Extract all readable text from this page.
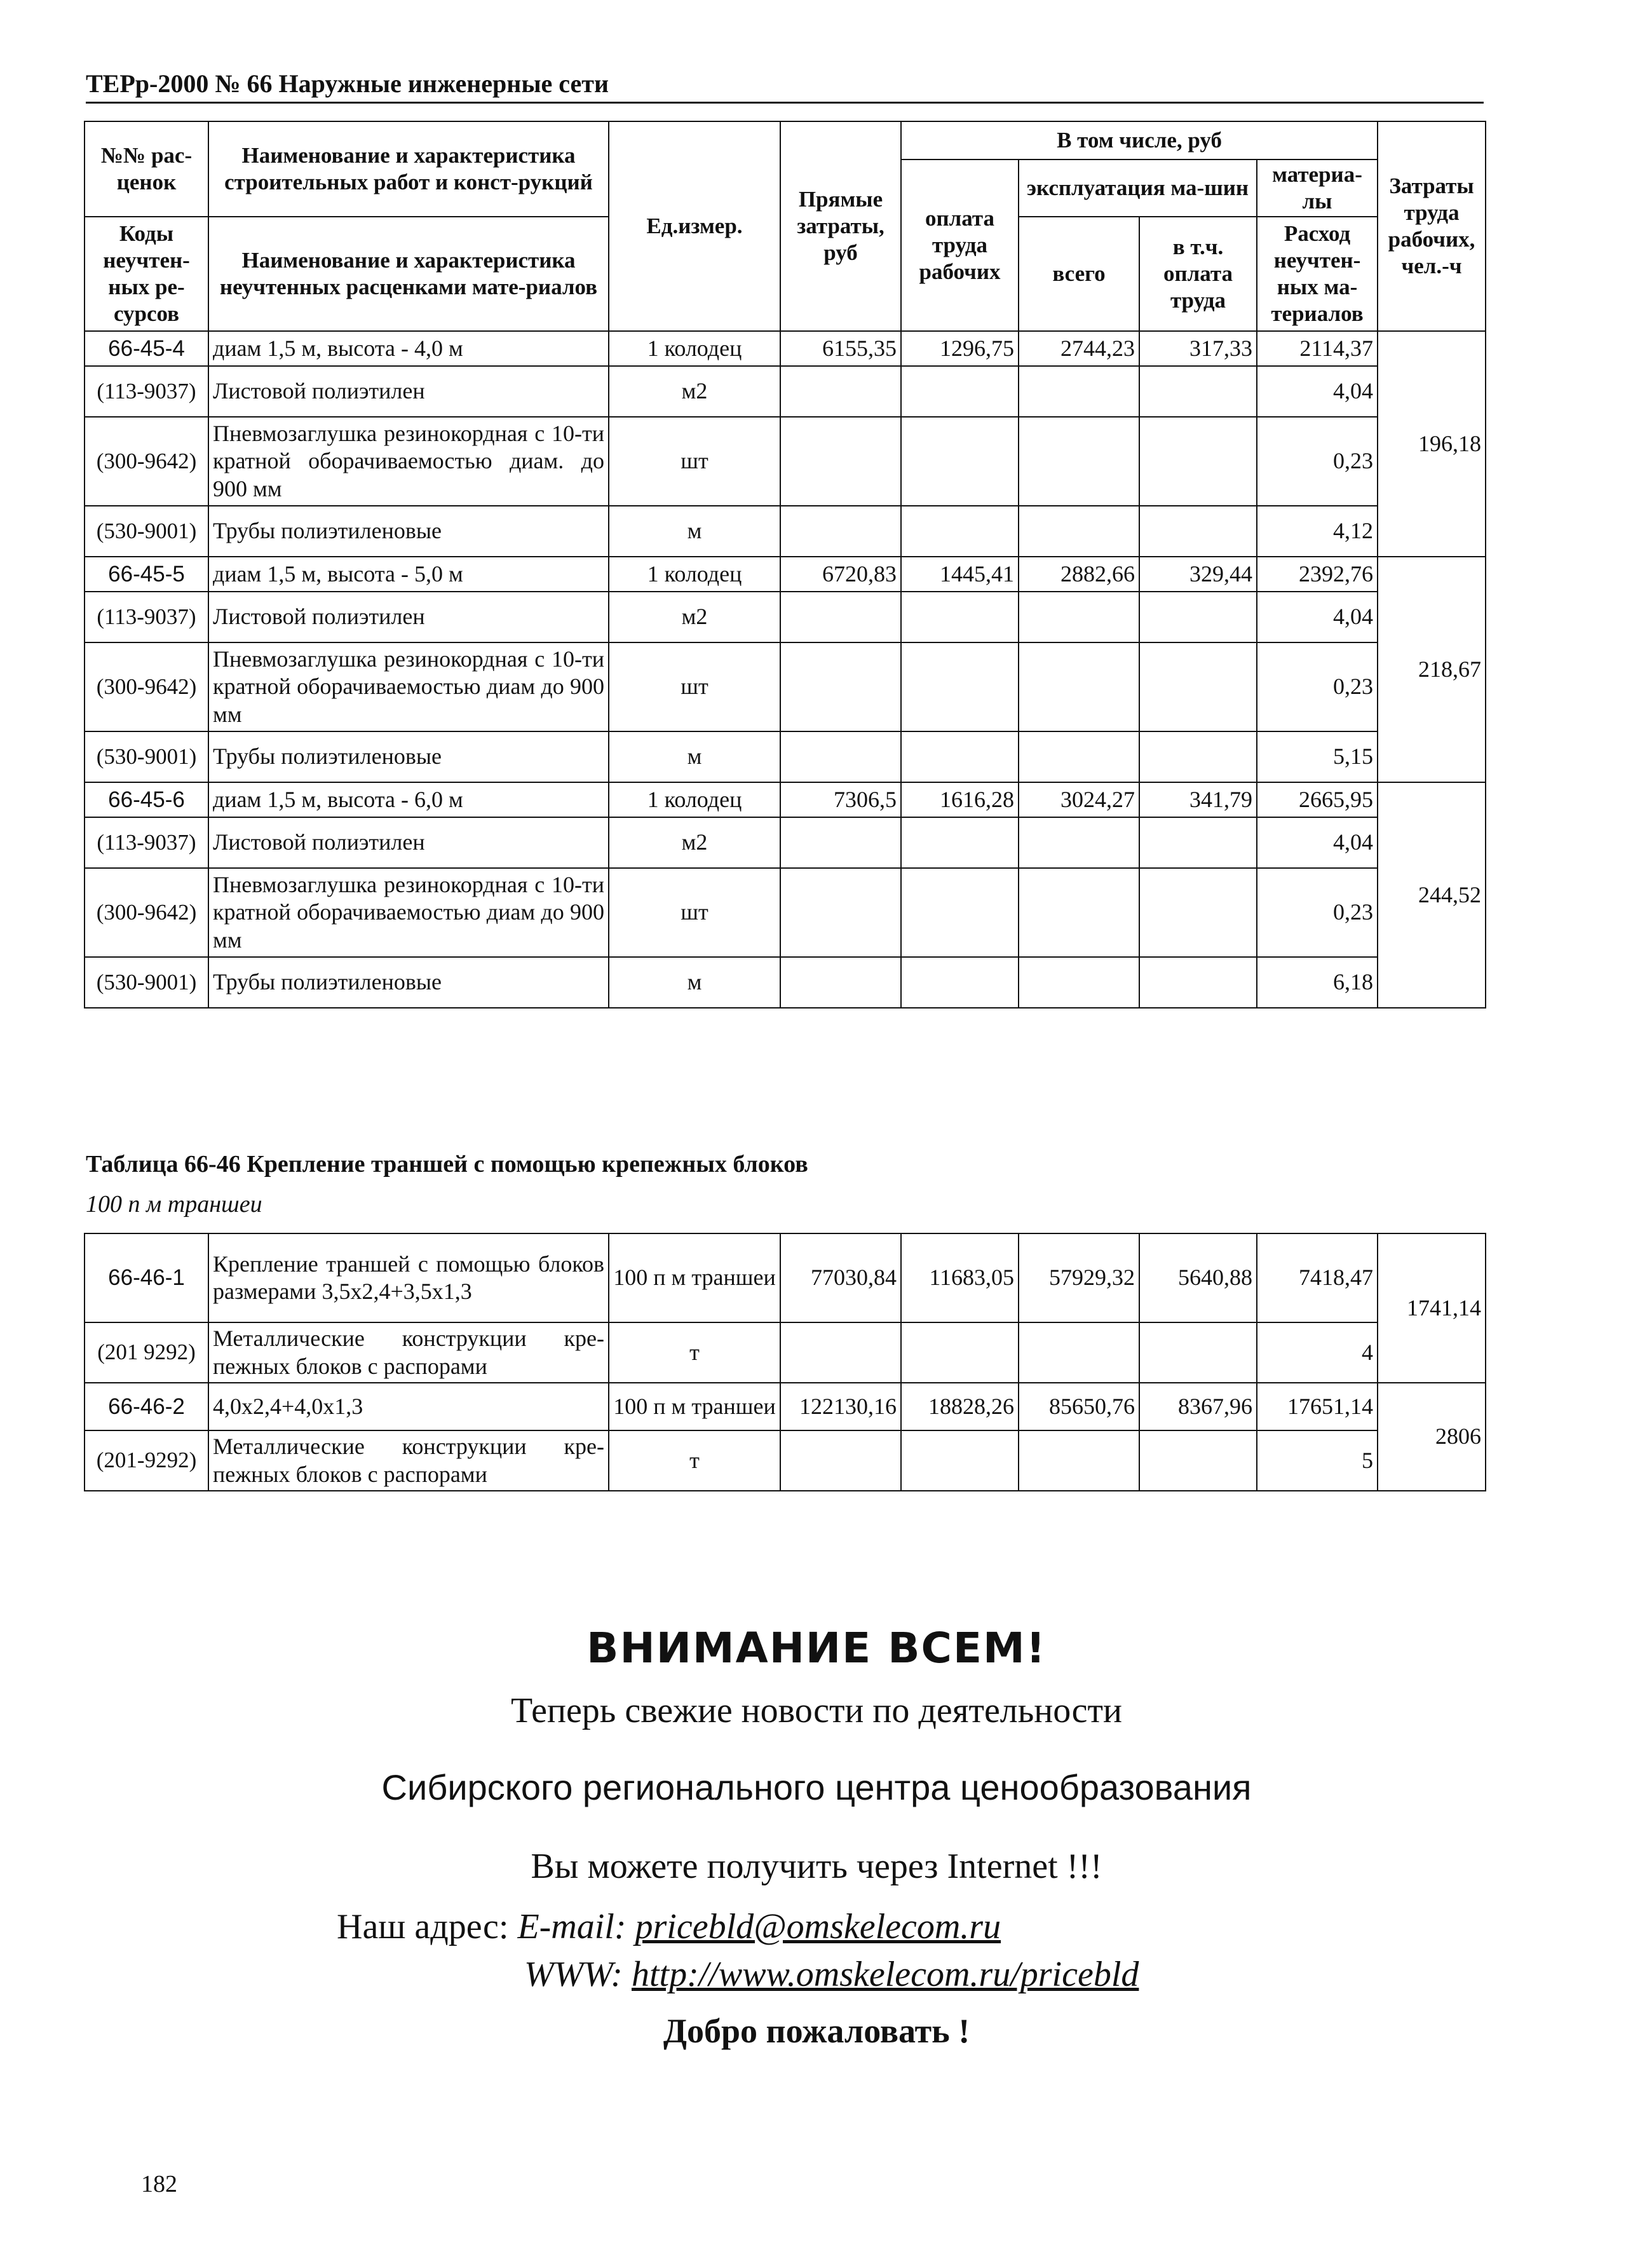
ТЕРр-2000 № 66 Наружные инженерные сети
№№ рас-ценок	Наименование и характеристика строительных работ и конст-рукций	Ед.измер.	Прямые затраты, руб	В том числе, руб				Затраты труда рабочих, чел.-ч
				оплата труда рабочих	эксплуатация ма-шин		материа-лы	

Коды неучтен-ных ре-сурсов	Наименование и характеристика неучтенных расценками мате-риалов				всего	в т.ч. оплата труда	Расход неучтен-ных ма-териалов	

66-45-4	диам 1,5 м, высота - 4,0 м	1 колодец	6155,35	1296,75	2744,23	317,33	2114,37	196,18
(113-9037)	Листовой полиэтилен	м2					4,04	
(300-9642)	Пневмозаглушка резинокордная с 10-ти кратной оборачиваемостью диам. до 900 мм	шт					0,23	
(530-9001)	Трубы полиэтиленовые	м					4,12	
66-45-5	диам 1,5 м, высота - 5,0 м	1 колодец	6720,83	1445,41	2882,66	329,44	2392,76	218,67
(113-9037)	Листовой полиэтилен	м2					4,04	
(300-9642)	Пневмозаглушка резинокордная с 10-ти кратной оборачиваемостью диам до 900 мм	шт					0,23	
(530-9001)	Трубы полиэтиленовые	м					5,15	
66-45-6	диам 1,5 м, высота - 6,0 м	1 колодец	7306,5	1616,28	3024,27	341,79	2665,95	244,52
(113-9037)	Листовой полиэтилен	м2					4,04	
(300-9642)	Пневмозаглушка резинокордная с 10-ти кратной оборачиваемостью диам до 900 мм	шт					0,23	
(530-9001)	Трубы полиэтиленовые	м					6,18	
Таблица 66-46 Крепление траншей с помощью крепежных блоков
100 п м траншеи
66-46-1	Крепление траншей с помощью блоков размерами 3,5х2,4+3,5х1,3	100 п м траншеи	77030,84	11683,05	57929,32	5640,88	7418,47	1741,14
(201 9292)	Металлические конструкции кре-пежных блоков с распорами	т					4	
66-46-2	4,0х2,4+4,0х1,3	100 п м траншеи	122130,16	18828,26	85650,76	8367,96	17651,14	2806
(201-9292)	Металлические конструкции кре-пежных блоков с распорами	т					5	
ВНИМАНИЕ ВСЕМ!
Теперь свежие новости по деятельности
Сибирского регионального центра ценообразования
Вы можете получить через Internet !!!
Наш адрес: E-mail: pricebld@omskelecom.ru
WWW: http://www.omskelecom.ru/pricebld
Добро пожаловать !
182
